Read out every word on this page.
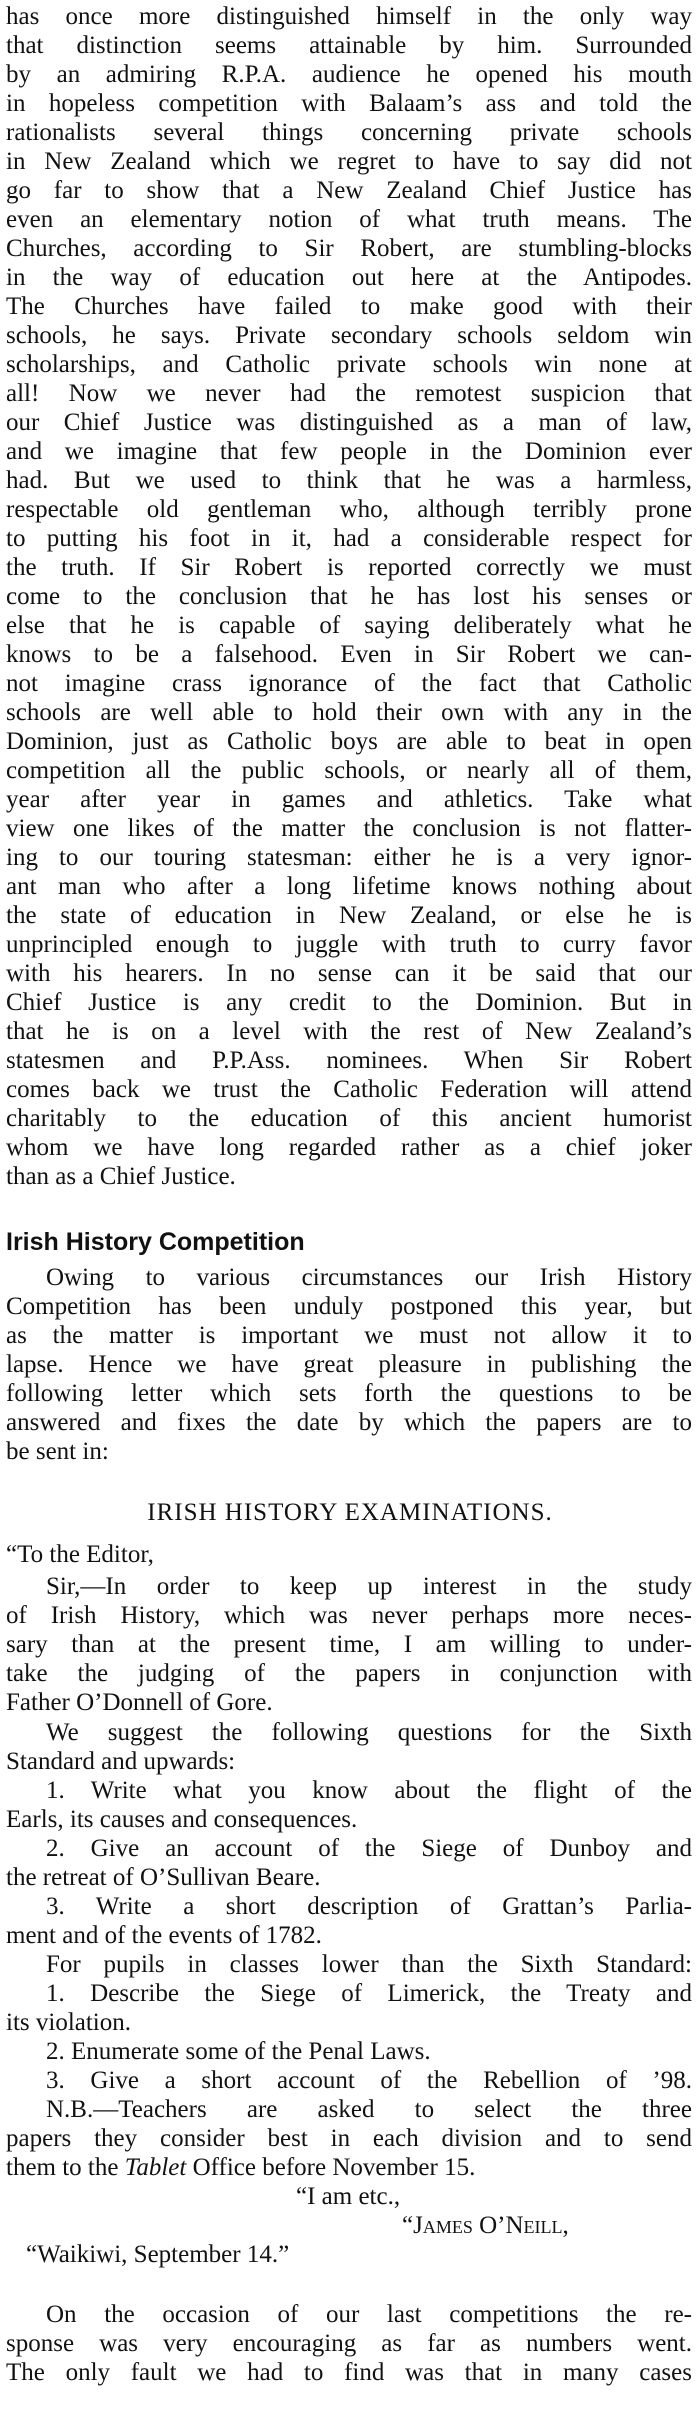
has once more distinguished himself in the only way
that distinction seems attainable by him. Surrounded
by an admiring R.P.A. audience he opened his mouth
in hopeless competition with Balaam’s ass and told the
rationalists several things concerning private schools
in New Zealand which we regret to have to say did not
go far to show that a New Zealand Chief Justice has
even an elementary notion of what truth means. The
Churches, according to Sir Robert, are stumbling-blocks
in the way of education out here at the Antipodes.
The Churches have failed to make good with their
schools, he says. Private secondary schools seldom win
scholarships, and Catholic private schools win none at
all! Now we never had the remotest suspicion that
our Chief Justice was distinguished as a man of law,
and we imagine that few people in the Dominion ever
had. But we used to think that he was a harmless,
respectable old gentleman who, although terribly prone
to putting his foot in it, had a considerable respect for
the truth. If Sir Robert is reported correctly we must
come to the conclusion that he has lost his senses or
else that he is capable of saying deliberately what he
knows to be a falsehood. Even in Sir Robert we can-
not imagine crass ignorance of the fact that Catholic
schools are well able to hold their own with any in the
Dominion, just as Catholic boys are able to beat in open
competition all the public schools, or nearly all of them,
year after year in games and athletics. Take what
view one likes of the matter the conclusion is not flatter-
ing to our touring statesman: either he is a very ignor-
ant man who after a long lifetime knows nothing about
the state of education in New Zealand, or else he is
unprincipled enough to juggle with truth to curry favor
with his hearers. In no sense can it be said that our
Chief Justice is any credit to the Dominion. But in
that he is on a level with the rest of New Zealand’s
statesmen and P.P.Ass. nominees. When Sir Robert
comes back we trust the Catholic Federation will attend
charitably to the education of this ancient humorist
whom we have long regarded rather as a chief joker
than as a Chief Justice.
Irish History Competition
Owing to various circumstances our Irish History
Competition has been unduly postponed this year, but
as the matter is important we must not allow it to
lapse. Hence we have great pleasure in publishing the
following letter which sets forth the questions to be
answered and fixes the date by which the papers are to
be sent in:
IRISH HISTORY EXAMINATIONS.
“To the Editor,
Sir,—In order to keep up interest in the study
of Irish History, which was never perhaps more neces-
sary than at the present time, I am willing to under-
take the judging of the papers in conjunction with
Father O’Donnell of Gore.
We suggest the following questions for the Sixth
Standard and upwards:
1. Write what you know about the flight of the
Earls, its causes and consequences.
2. Give an account of the Siege of Dunboy and
the retreat of O’Sullivan Beare.
3. Write a short description of Grattan’s Parlia-
ment and of the events of 1782.
For pupils in classes lower than the Sixth Standard:
1. Describe the Siege of Limerick, the Treaty and
its violation.
2. Enumerate some of the Penal Laws.
3. Give a short account of the Rebellion of ’98.
N.B.—Teachers are asked to select the three
papers they consider best in each division and to send
them to the Tablet Office before November 15.
“I am etc.,
“James O’Neill,
“Waikiwi, September 14.”
On the occasion of our last competitions the re-
sponse was very encouraging as far as numbers went.
The only fault we had to find was that in many cases
